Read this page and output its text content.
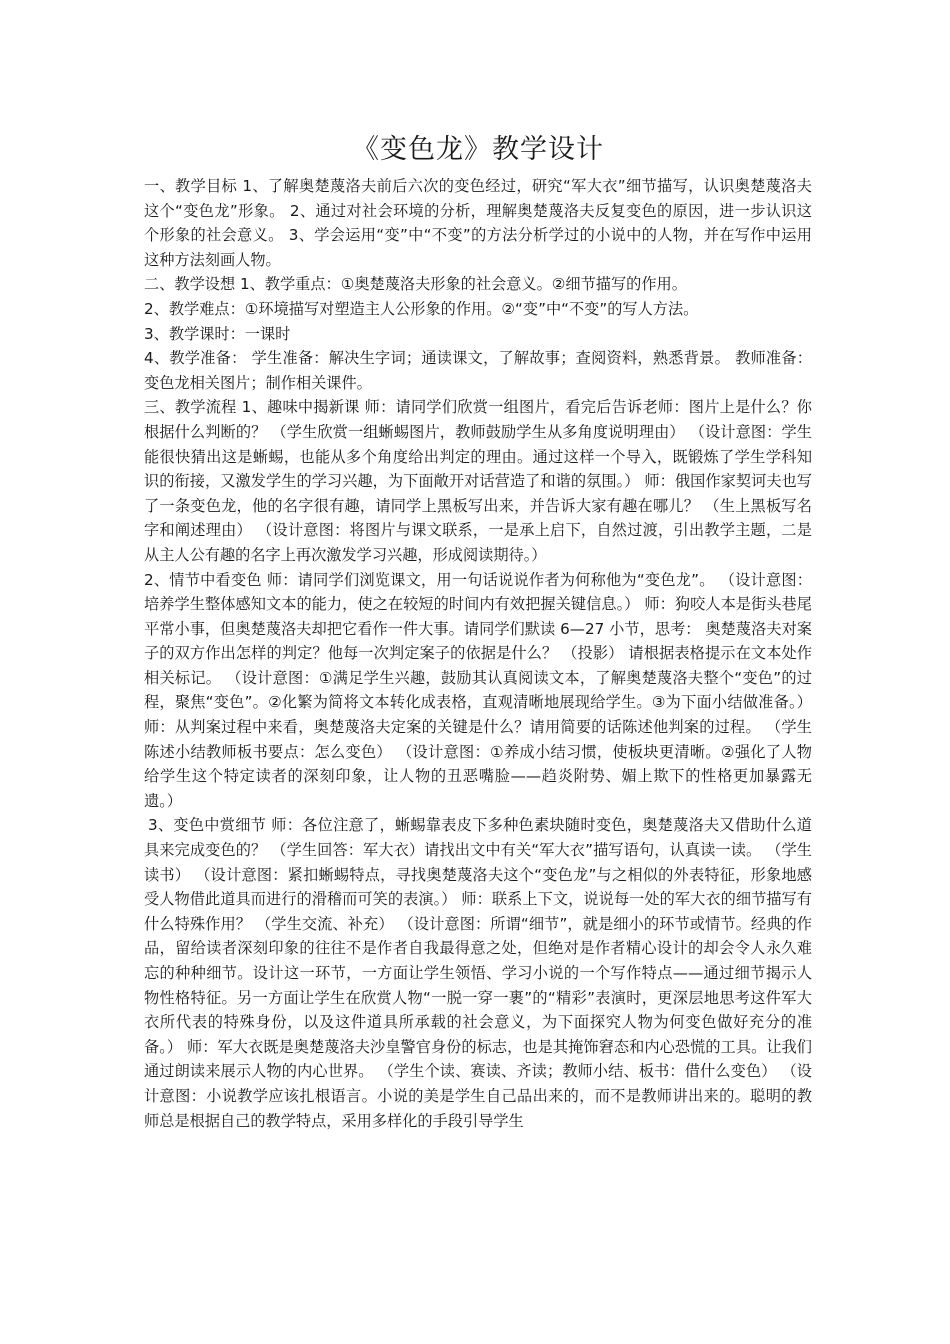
《变色龙》教学设计

一、教学目标 1、了解奥楚蔑洛夫前后六次的变色经过，研究“军大衣”细节描写，认识奥楚蔑洛夫这个“变色龙”形象。 2、通过对社会环境的分析，理解奥楚蔑洛夫反复变色的原因，进一步认识这个形象的社会意义。 3、学会运用“变”中“不变”的方法分析学过的小说中的人物，并在写作中运用这种方法刻画人物。

二、教学设想 1、教学重点：①奥楚蔑洛夫形象的社会意义。②细节描写的作用。

2、教学难点：①环境描写对塑造主人公形象的作用。②“变”中“不变”的写人方法。

3、教学课时：一课时

4、教学准备： 学生准备：解决生字词；通读课文，了解故事；查阅资料，熟悉背景。 教师准备：变色龙相关图片；制作相关课件。

三、教学流程 1、趣味中揭新课 师：请同学们欣赏一组图片，看完后告诉老师：图片上是什么？你根据什么判断的？ （学生欣赏一组蜥蜴图片，教师鼓励学生从多角度说明理由） （设计意图：学生能很快猜出这是蜥蜴，也能从多个角度给出判定的理由。通过这样一个导入，既锻炼了学生学科知识的衔接，又激发学生的学习兴趣，为下面敞开对话营造了和谐的氛围。） 师：俄国作家契诃夫也写了一条变色龙，他的名字很有趣，请同学上黑板写出来，并告诉大家有趣在哪儿？ （生上黑板写名字和阐述理由） （设计意图：将图片与课文联系，一是承上启下，自然过渡，引出教学主题，二是从主人公有趣的名字上再次激发学习兴趣，形成阅读期待。）

2、情节中看变色 师：请同学们浏览课文，用一句话说说作者为何称他为“变色龙”。 （设计意图：培养学生整体感知文本的能力，使之在较短的时间内有效把握关键信息。） 师：狗咬人本是街头巷尾平常小事，但奥楚蔑洛夫却把它看作一件大事。请同学们默读 6—27 小节，思考： 奥楚蔑洛夫对案子的双方作出怎样的判定？他每一次判定案子的依据是什么？ （投影） 请根据表格提示在文本处作相关标记。 （设计意图：①满足学生兴趣，鼓励其认真阅读文本，了解奥楚蔑洛夫整个“变色”的过程，聚焦“变色”。②化繁为简将文本转化成表格，直观清晰地展现给学生。③为下面小结做准备。） 师：从判案过程中来看，奥楚蔑洛夫定案的关键是什么？请用简要的话陈述他判案的过程。 （学生陈述小结教师板书要点：怎么变色） （设计意图：①养成小结习惯，使板块更清晰。②强化了人物给学生这个特定读者的深刻印象，让人物的丑恶嘴脸——趋炎附势、媚上欺下的性格更加暴露无遗。）

3、变色中赏细节 师：各位注意了，蜥蜴靠表皮下多种色素块随时变色，奥楚蔑洛夫又借助什么道具来完成变色的？ （学生回答：军大衣）请找出文中有关“军大衣”描写语句，认真读一读。 （学生读书） （设计意图：紧扣蜥蜴特点，寻找奥楚蔑洛夫这个“变色龙”与之相似的外表特征，形象地感受人物借此道具而进行的滑稽而可笑的表演。） 师：联系上下文，说说每一处的军大衣的细节描写有什么特殊作用？ （学生交流、补充） （设计意图：所谓“细节”，就是细小的环节或情节。经典的作品，留给读者深刻印象的往往不是作者自我最得意之处，但绝对是作者精心设计的却会令人永久难忘的种种细节。设计这一环节，一方面让学生领悟、学习小说的一个写作特点——通过细节揭示人物性格特征。另一方面让学生在欣赏人物“一脱一穿一裹”的“精彩”表演时，更深层地思考这件军大衣所代表的特殊身份，以及这件道具所承载的社会意义，为下面探究人物为何变色做好充分的准备。） 师：军大衣既是奥楚蔑洛夫沙皇警官身份的标志，也是其掩饰窘态和内心恐慌的工具。让我们通过朗读来展示人物的内心世界。 （学生个读、赛读、齐读；教师小结、板书：借什么变色） （设计意图：小说教学应该扎根语言。小说的美是学生自己品出来的，而不是教师讲出来的。聪明的教师总是根据自己的教学特点，采用多样化的手段引导学生
